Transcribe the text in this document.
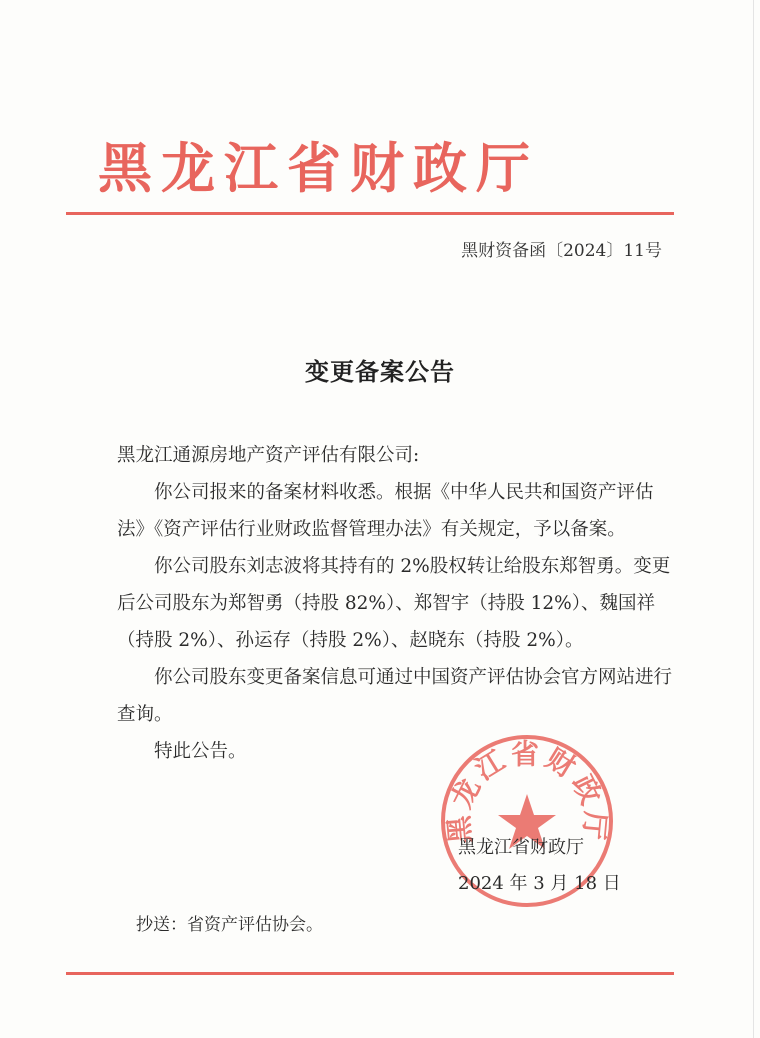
黑龙江省财政厅
黑财资备函〔2024〕11号
变更备案公告

黑龙江通源房地产资产评估有限公司:

你公司报来的备案材料收悉。根据《中华人民共和国资产评估法》《资产评估行业财政监督管理办法》有关规定，予以备案。

你公司股东刘志波将其持有的 2%股权转让给股东郑智勇。变更后公司股东为郑智勇（持股 82%）、郑智宇（持股 12%）、魏国祥（持股 2%）、孙运存（持股 2%）、赵晓东（持股 2%）。

你公司股东变更备案信息可通过中国资产评估协会官方网站进行查询。

特此公告。

黑龙江省财政厅
黑龙江省财政厅
2024 年 3 月 18 日
抄送：省资产评估协会。
